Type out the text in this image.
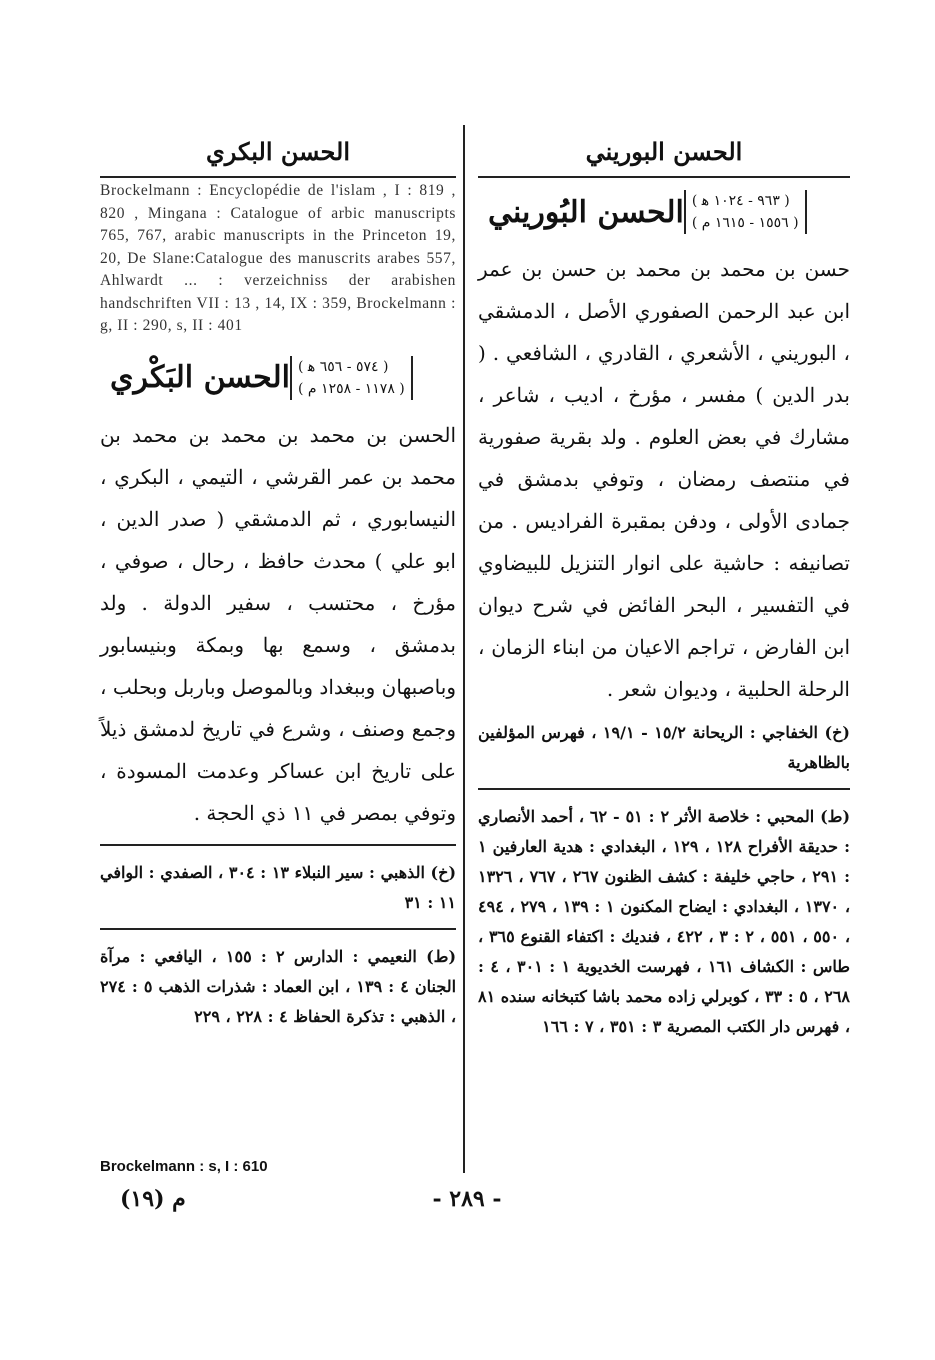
الحسن البوريني
الحسن البُوريني ( ٩٦٣ - ١٠٢٤ ﻫ )
( ١٥٥٦ - ١٦١٥ م )

حسن بن محمد بن محمد بن حسن بن عمر ابن عبد الرحمن الصفوري الأصل ، الدمشقي ، البوريني ، الأشعري ، القادري ، الشافعي . ( بدر الدين ) مفسر ، مؤرخ ، اديب ، شاعر ، مشارك في بعض العلوم . ولد بقرية صفورية في منتصف رمضان ، وتوفي بدمشق في جمادى الأولى ، ودفن بمقبرة الفراديس . من تصانيفه : حاشية على انوار التنزيل للبيضاوي في التفسير ، البحر الفائض في شرح ديوان ابن الفارض ، تراجم الاعيان من ابناء الزمان ، الرحلة الحلبية ، وديوان شعر .

(خ) الخفاجي : الريحانة ١٥/٢ - ١٩/١ ، فهرس المؤلفين بالظاهرية

(ط) المحبي : خلاصة الأثر ٢ : ٥١ - ٦٢ ، أحمد الأنصاري : حديقة الأفراح ١٢٨ ، ١٢٩ ، البغدادي : هدية العارفين ١ : ٢٩١ ، حاجي خليفة : كشف الظنون ٢٦٧ ، ٧٦٧ ، ١٣٢٦ ، ١٣٧٠ ، البغدادي : ايضاح المكنون ١ : ١٣٩ ، ٢٧٩ ، ٤٩٤ ، ٥٥٠ ، ٥٥١ ، ٢ : ٣ ، ٤٢٢ ، فنديك : اكتفاء القنوع ٣٦٥ ، طاس : الكشاف ١٦١ ، فهرست الخديوية ١ : ٣٠١ ، ٤ : ٢٦٨ ، ٥ : ٣٣ ، كوبرلي زاده محمد باشا كتبخانه سنده ٨١ ، فهرس دار الكتب المصرية ٣ : ٣٥١ ، ٧ : ١٦٦

الحسن البكري

Brockelmann : Encyclopédie de l'islam , I : 819 , 820 , Mingana : Catalogue of arbic manuscripts 765, 767, arabic manuscripts in the Princeton 19, 20, De Slane:Catalogue des manuscrits arabes 557, Ahlwardt ... : verzeichniss der arabishen handschriften VII : 13 , 14, IX : 359, Brockelmann : g, II : 290, s, II : 401

الحسن البَكْري ( ٥٧٤ - ٦٥٦ ﻫ )
( ١١٧٨ - ١٢٥٨ م )

الحسن بن محمد بن محمد بن محمد بن محمد بن عمر القرشي ، التيمي ، البكري ، النيسابوري ، ثم الدمشقي ( صدر الدين ، ابو علي ) محدث حافظ ، رحال ، صوفي ، مؤرخ ، محتسب ، سفير الدولة . ولد بدمشق ، وسمع بها وبمكة وبنيسابور وباصبهان وببغداد وبالموصل وباربل وبحلب ، وجمع وصنف ، وشرع في تاريخ لدمشق ذيلاً على تاريخ ابن عساكر وعدمت المسودة ، وتوفي بمصر في ١١ ذي الحجة .

(خ) الذهبي : سير النبلاء ١٣ : ٣٠٤ ، الصفدي : الوافي ١١ : ٣١

(ط) النعيمي : الدارس ٢ : ١٥٥ ، اليافعي : مرآة الجنان ٤ : ١٣٩ ، ابن العماد : شذرات الذهب ٥ : ٢٧٤ ، الذهبي : تذكرة الحفاظ ٤ : ٢٢٨ ، ٢٢٩

Brockelmann : s, I : 610
- ٢٨٩ -
م (١٩)
